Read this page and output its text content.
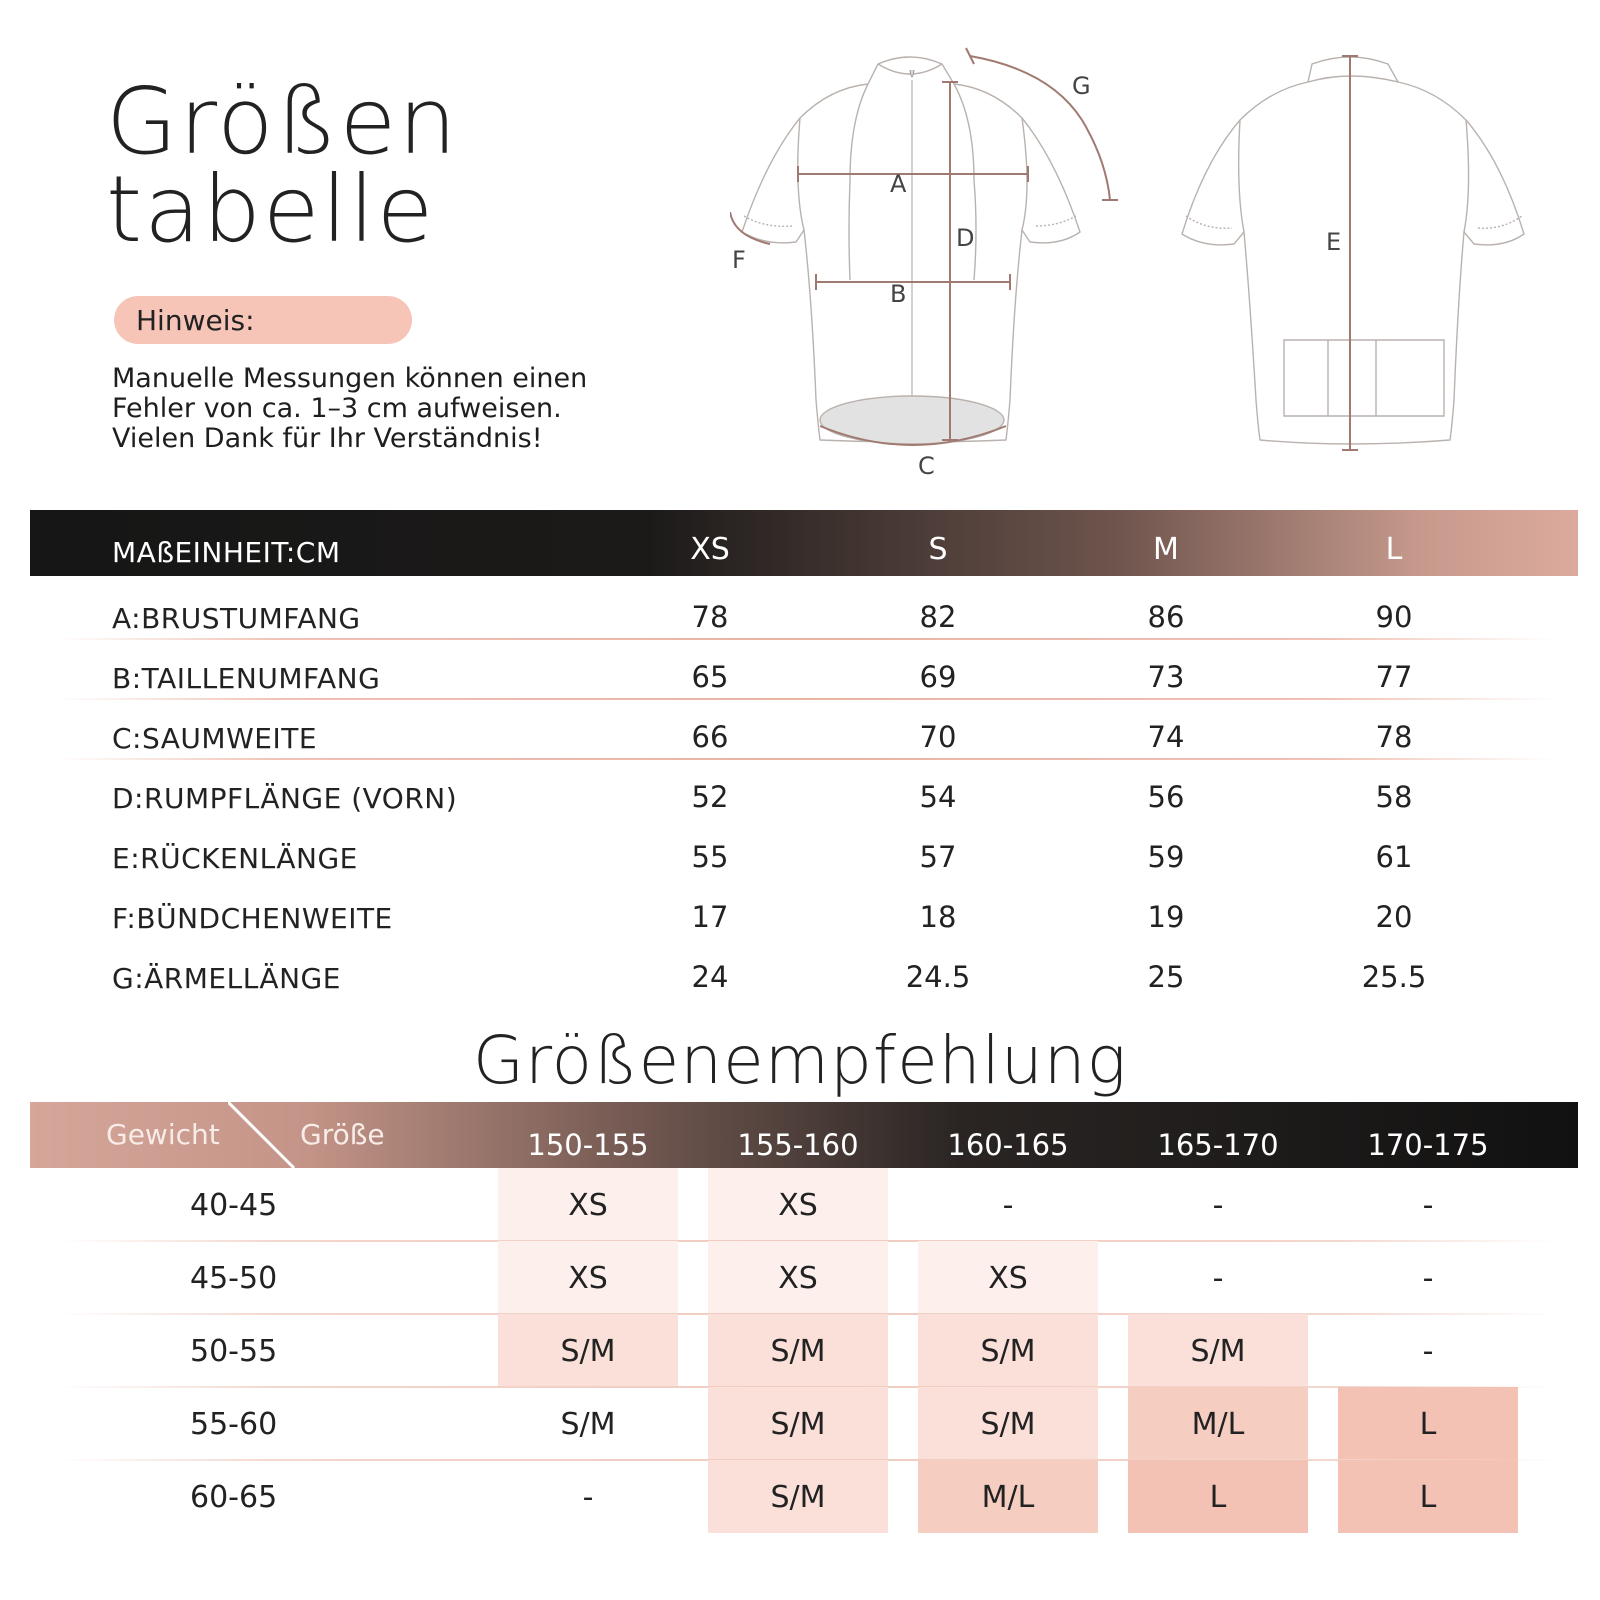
Größen
tabelle
Hinweis:
Manuelle Messungen können einen
Fehler von ca. 1–3 cm aufweisen.
Vielen Dank für Ihr Verständnis!
A
B
C
D	E
F
G
MAßEINHEIT:CM	XS	S	M	L
A:BRUSTUMFANG	78	82	86	90
B:TAILLENUMFANG	65	69	73	77
C:SAUMWEITE	66	70	74	78
D:RUMPFLÄNGE (VORN)	52	54	56	58
E:RÜCKENLÄNGE	55	57	59	61
F:BÜNDCHENWEITE	17	18	19	20
G:ÄRMELLÄNGE	24	24.5	25	25.5
Größenempfehlung
Gewicht	Größe	150-155	155-160	160-165	165-170	170-175
40-45	XS	XS	-	-	-
45-50	XS	XS	XS	-	-
50-55	S/M	S/M	S/M	S/M	-
55-60	S/M	S/M	S/M	M/L	L
60-65	-	S/M	M/L	L	L
